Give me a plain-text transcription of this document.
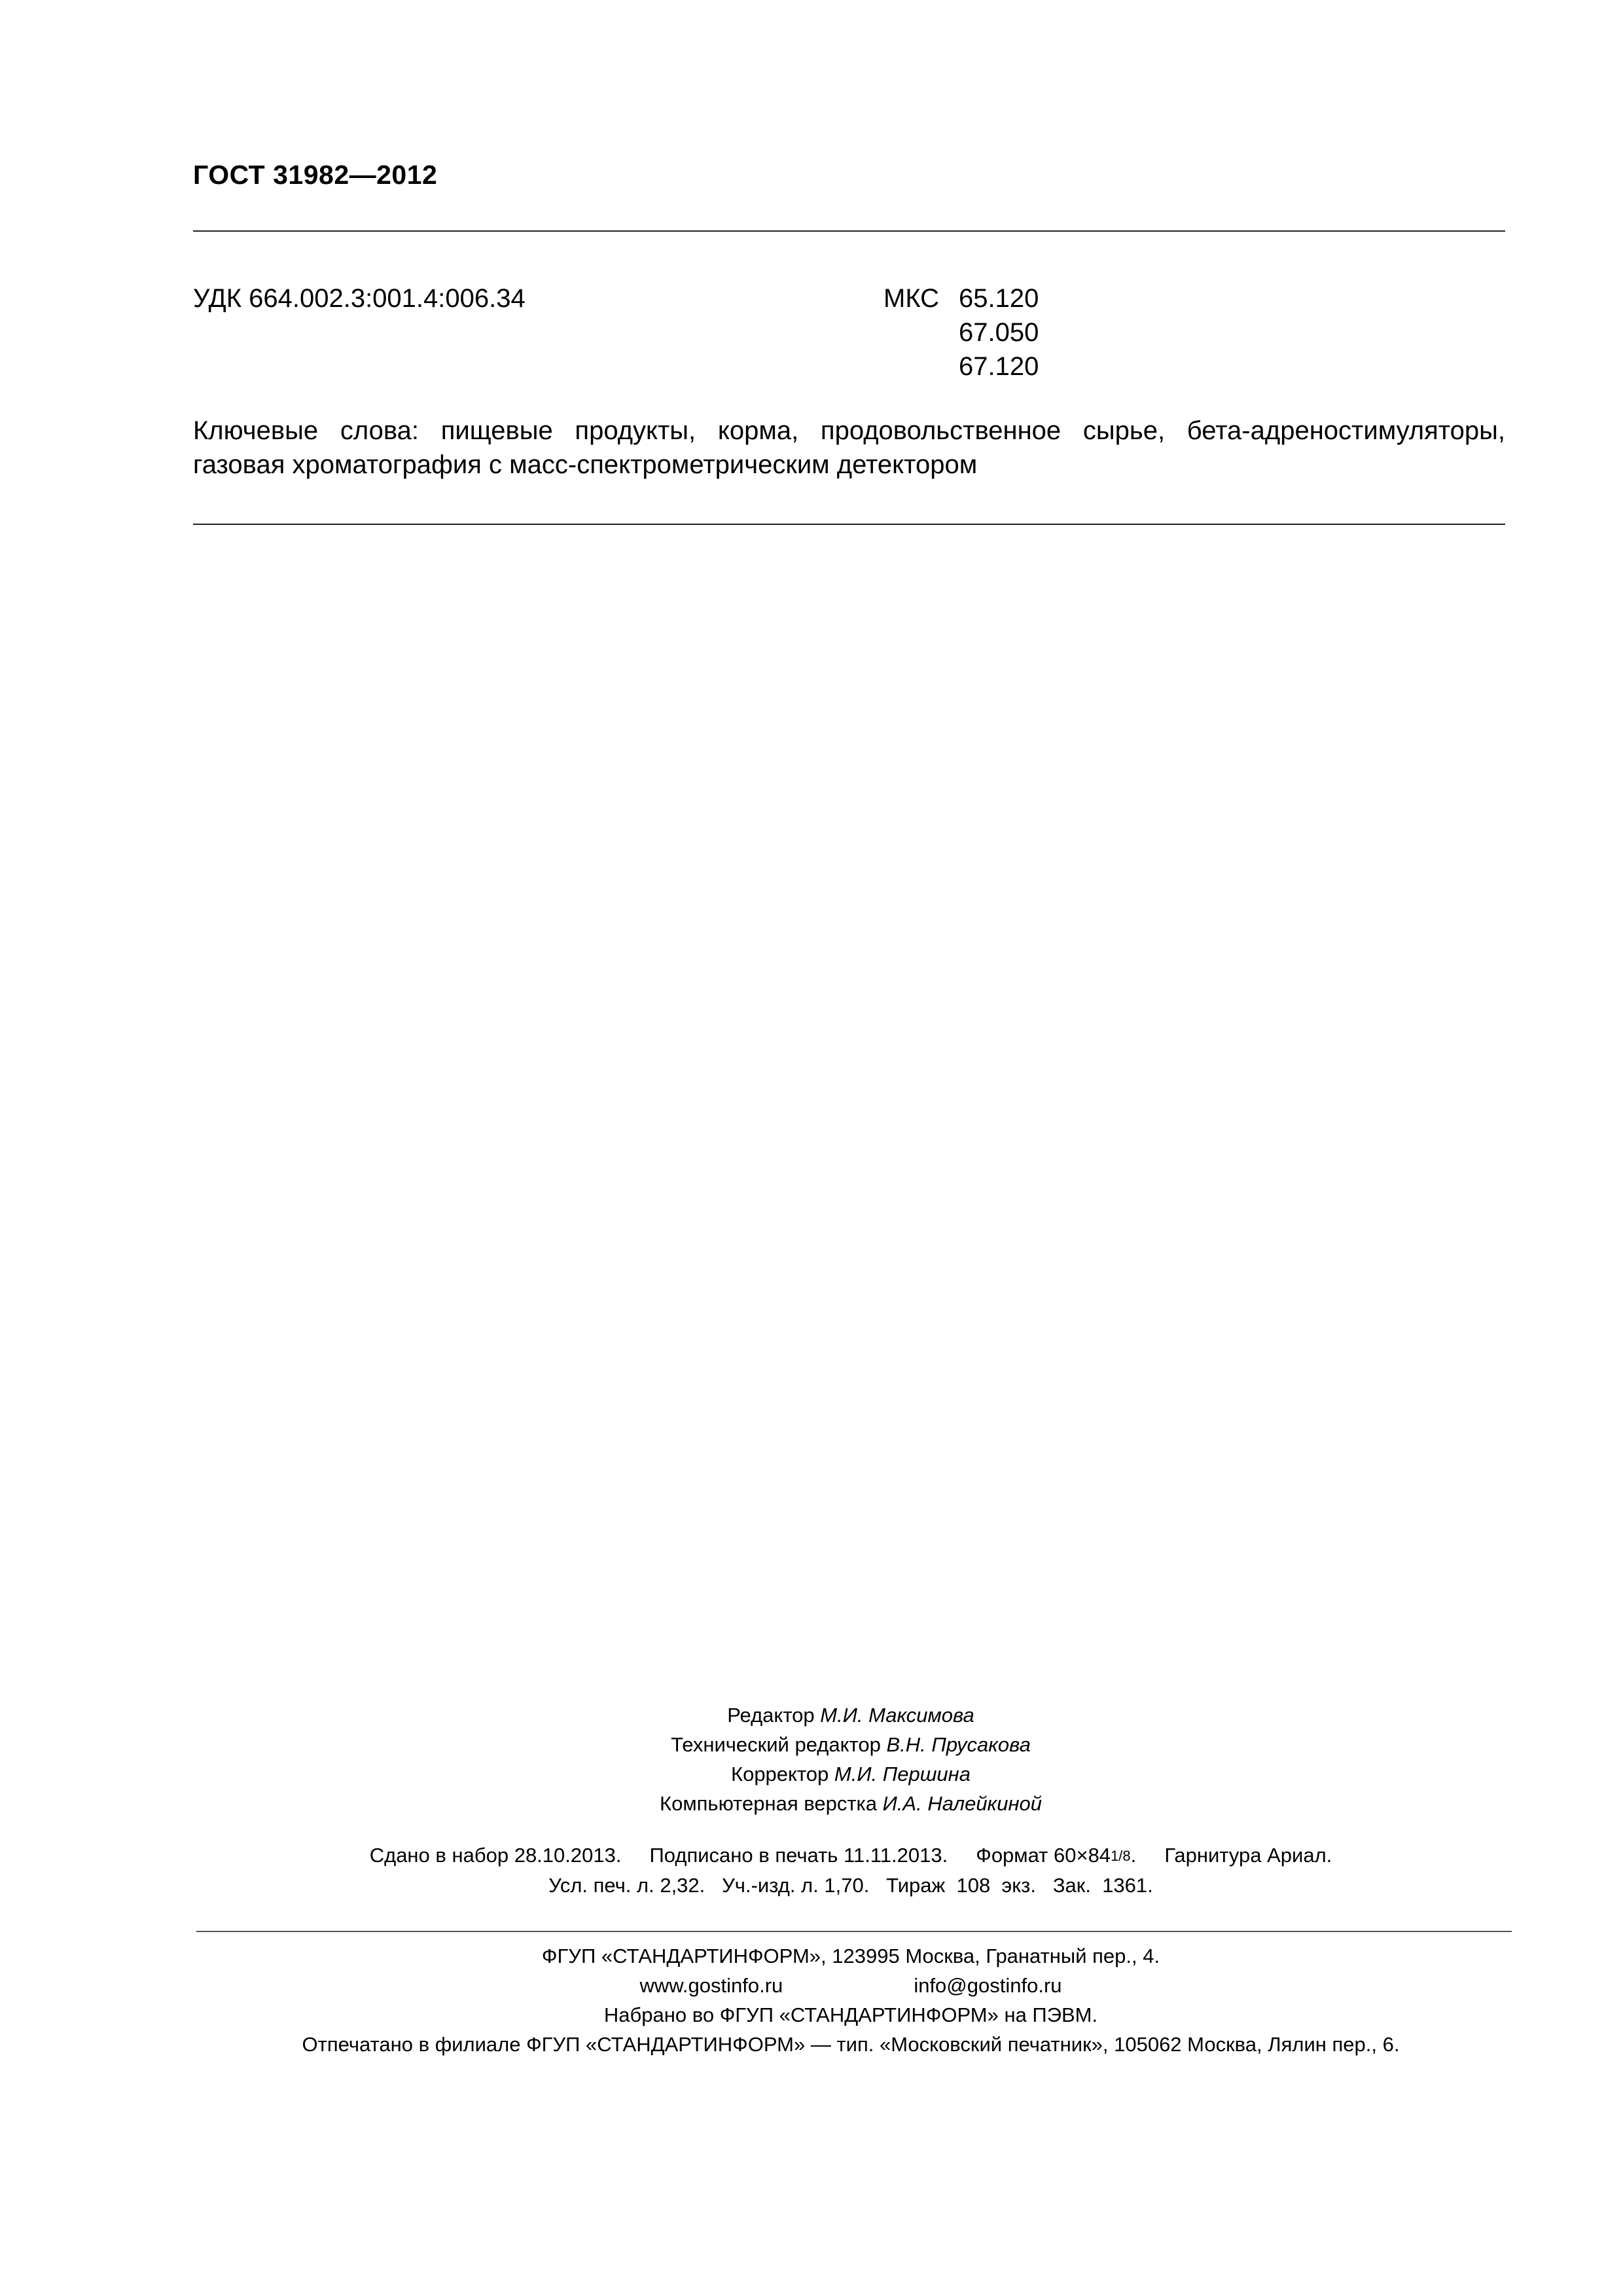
ГОСТ 31982—2012
УДК 664.002.3:001.4:006.34	МКС 65.120
67.050
67.120
Ключевые слова: пищевые продукты, корма, продовольственное сырье, бета-адреностимуляторы,
газовая хроматография с масс-спектрометрическим детектором
Редактор М.И. Максимова
Технический редактор В.Н. Прусакова
Корректор М.И. Першина
Компьютерная верстка И.А. Налейкиной
Сдано в набор 28.10.2013.     Подписано в печать 11.11.2013.     Формат 60×841/8.     Гарнитура Ариал.
Усл. печ. л. 2,32.   Уч.-изд. л. 1,70.   Тираж  108  экз.   Зак.  1361.
ФГУП «СТАНДАРТИНФОРМ», 123995 Москва, Гранатный пер., 4.
www.gostinfo.ru	info@gostinfo.ru
Набрано во ФГУП «СТАНДАРТИНФОРМ» на ПЭВМ.
Отпечатано в филиале ФГУП «СТАНДАРТИНФОРМ» — тип. «Московский печатник», 105062 Москва, Лялин пер., 6.
